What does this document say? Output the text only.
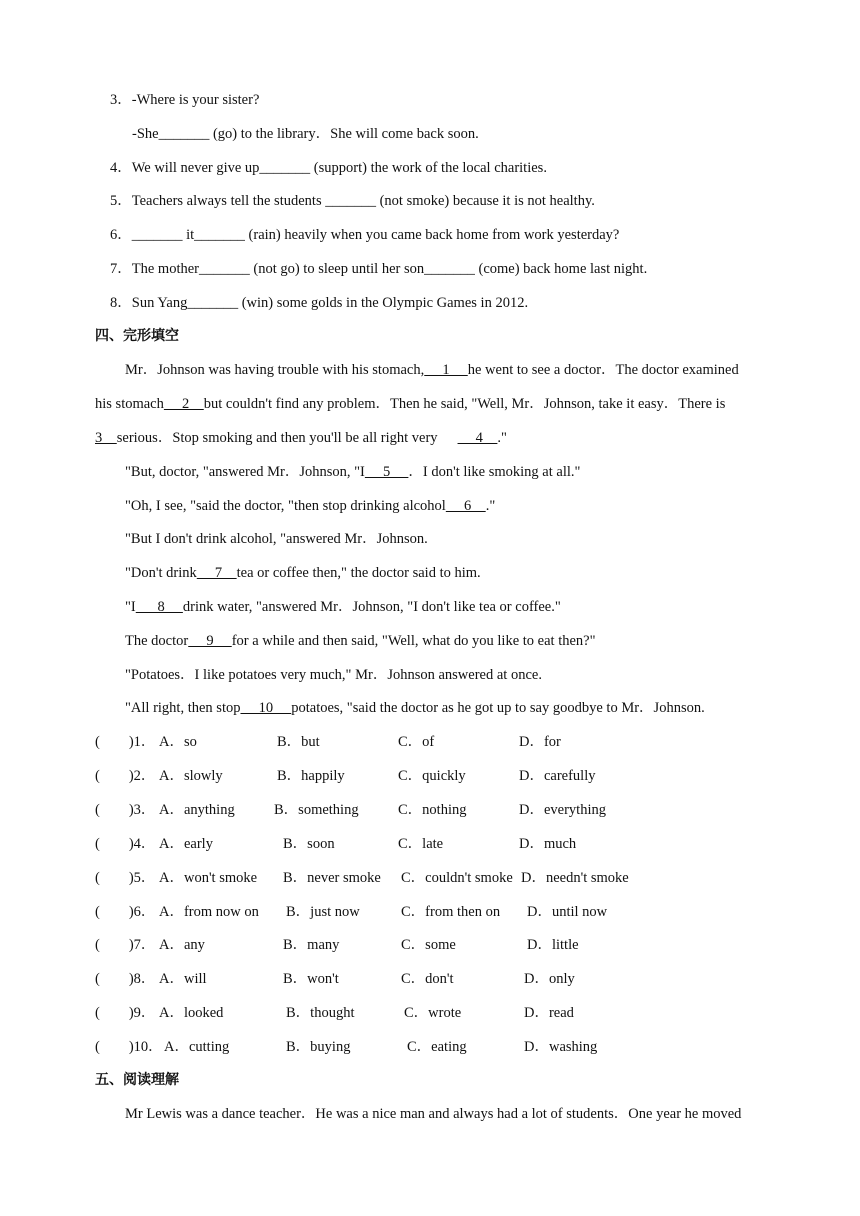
3．-Where is your sister?
-She_______ (go) to the library．She will come back soon.
4．We will never give up_______ (support) the work of the local charities.
5．Teachers always tell the students _______ (not smoke) because it is not healthy.
6．_______ it_______ (rain) heavily when you came back home from work yesterday?
7．The mother_______ (not go) to sleep until her son_______ (come) back home last night.
8．Sun Yang_______ (win) some golds in the Olympic Games in 2012.
四、完形填空
Mr．Johnson was having trouble with his stomach,     1     he went to see a doctor．The doctor examined
his stomach     2    but couldn't find any problem．Then he said, "Well, Mr．Johnson, take it easy．There is
3    serious．Stop smoking and then you'll be all right very     4    ."
"But, doctor, "answered Mr．Johnson, "I     5     ．I don't like smoking at all."
"Oh, I see, "said the doctor, "then stop drinking alcohol     6    ."
"But I don't drink alcohol, "answered Mr．Johnson.
"Don't drink     7    tea or coffee then," the doctor said to him.
"I      8     drink water, "answered Mr．Johnson, "I don't like tea or coffee."
The doctor     9     for a while and then said, "Well, what do you like to eat then?"
"Potatoes．I like potatoes very much," Mr．Johnson answered at once.
"All right, then stop     10     potatoes, "said the doctor as he got up to say goodbye to Mr．Johnson.
(        )1． A．so	B．but	C．of	D．for
(        )2． A．slowly	B．happily	C．quickly	D．carefully
(        )3． A．anything	B．something	C．nothing	D．everything
(        )4． A．early	B．soon	C．late	D．much
(        )5． A．won't smoke B．never smoke C．couldn't smoke D．needn't smoke
(        )6． A．from now on B．just now	C．from then on D．until now
(        )7． A．any	B．many	C．some	D．little
(        )8． A．will	B．won't	C．don't	D．only
(        )9． A．looked	B．thought	C．wrote	D．read
(        )10． A．cutting	B．buying	C．eating	D．washing
五、阅读理解
Mr Lewis was a dance teacher．He was a nice man and always had a lot of students．One year he moved
